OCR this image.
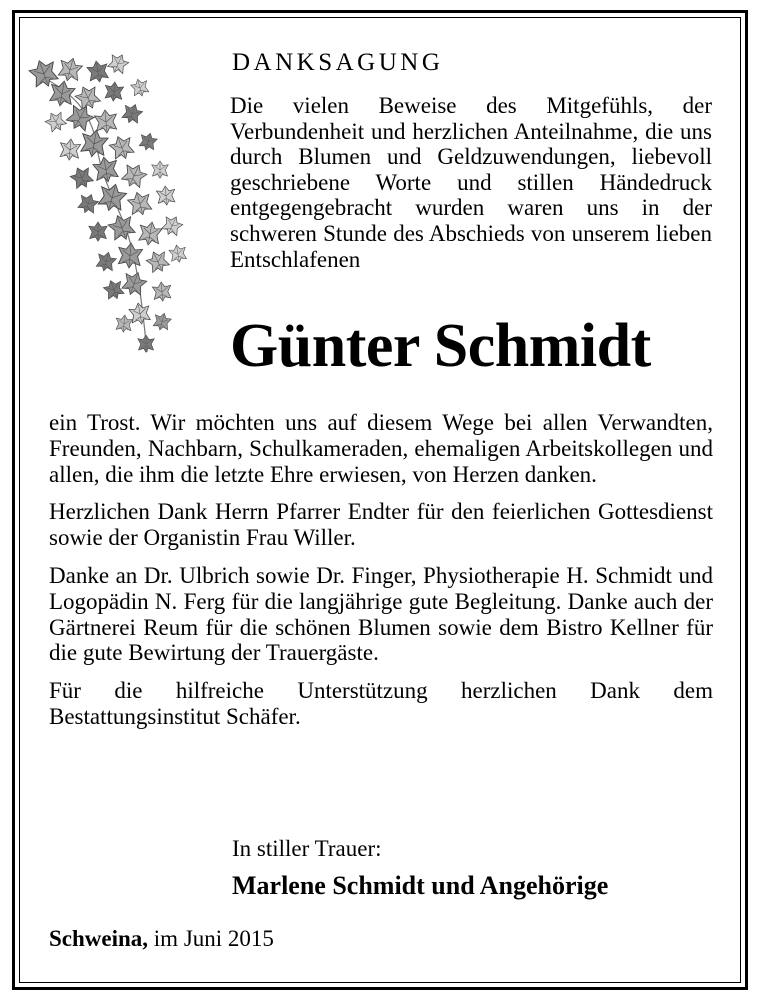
DANKSAGUNG

Die vielen Beweise des Mitgefühls, der Verbundenheit und herzlichen Anteilnahme, die uns durch Blumen und Geldzuwendungen, liebevoll geschriebene Worte und stillen Händedruck entgegengebracht wurden waren uns in der schweren Stunde des Abschieds von unserem lieben Entschlafenen

Günter Schmidt

ein Trost. Wir möchten uns auf diesem Wege bei allen Verwandten, Freunden, Nachbarn, Schulkameraden, ehemaligen Arbeitskollegen und allen, die ihm die letzte Ehre erwiesen, von Herzen danken.

Herzlichen Dank Herrn Pfarrer Endter für den feierlichen Gottesdienst sowie der Organistin Frau Willer.

Danke an Dr. Ulbrich sowie Dr. Finger, Physiotherapie H. Schmidt und Logopädin N. Ferg für die langjährige gute Begleitung. Danke auch der Gärtnerei Reum für die schönen Blumen sowie dem Bistro Kellner für die gute Bewirtung der Trauergäste.

Für die hilfreiche Unterstützung herzlichen Dank dem Bestattungsinstitut Schäfer.

In stiller Trauer:
Marlene Schmidt und Angehörige
Schweina, im Juni 2015
